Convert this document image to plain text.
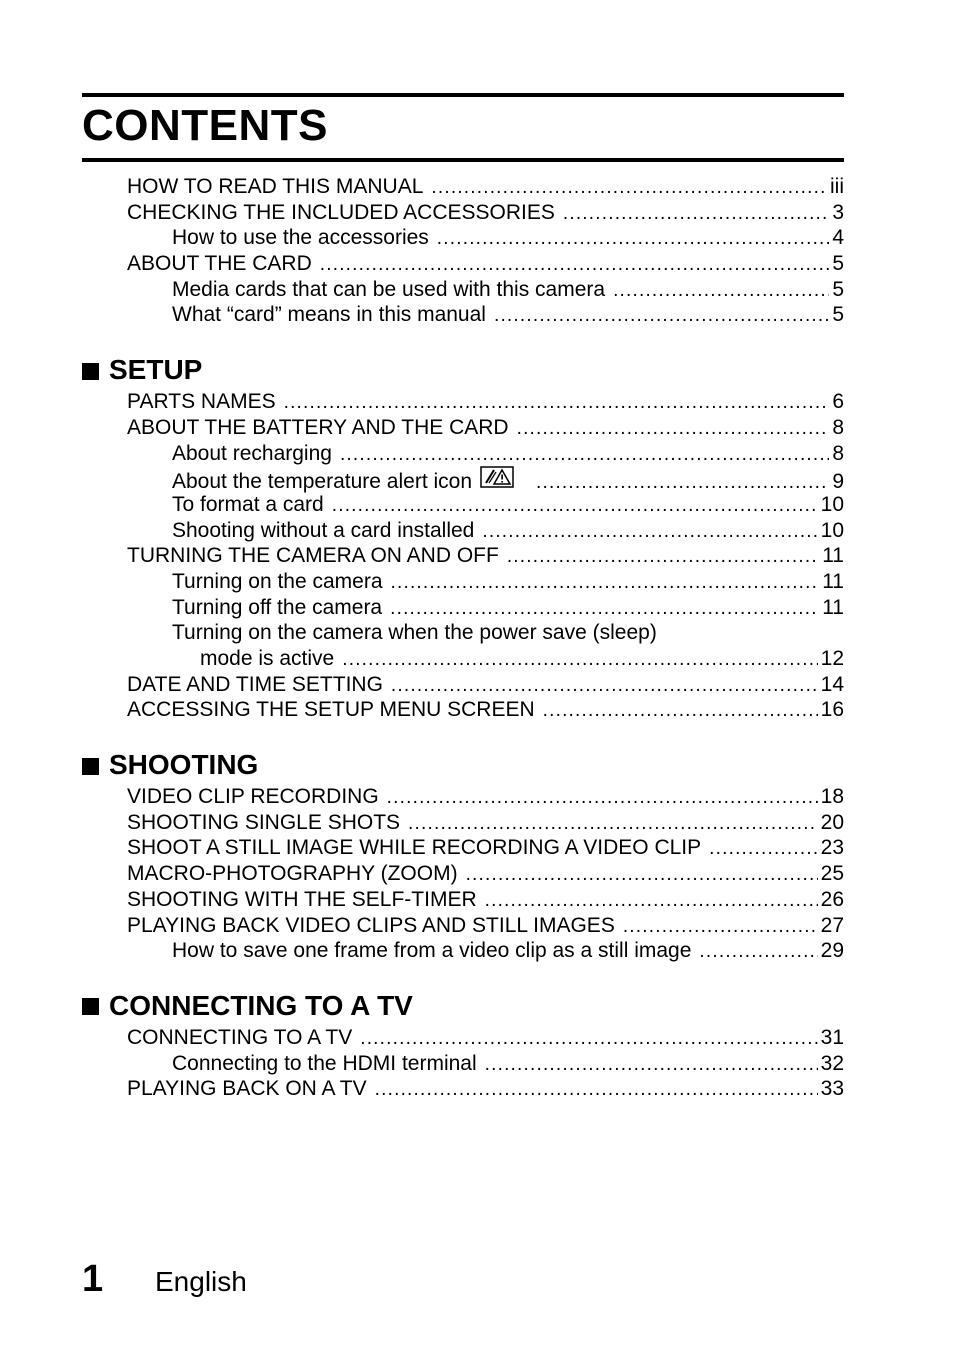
CONTENTS
HOW TO READ THIS MANUAL .....	iii
CHECKING THE INCLUDED ACCESSORIES .....	3
How to use the accessories .....	4
ABOUT THE CARD .....	5
Media cards that can be used with this camera .....	5
What “card” means in this manual .....	5
SETUP
PARTS NAMES .....	6
ABOUT THE BATTERY AND THE CARD .....	8
About recharging .....	8
About the temperature alert icon .....	9
To format a card .....	10
Shooting without a card installed .....	10
TURNING THE CAMERA ON AND OFF .....	11
Turning on the camera .....	11
Turning off the camera .....	11
Turning on the camera when the power save (sleep)
mode is active .....	12
DATE AND TIME SETTING .....	14
ACCESSING THE SETUP MENU SCREEN .....	16
SHOOTING
VIDEO CLIP RECORDING .....	18
SHOOTING SINGLE SHOTS .....	20
SHOOT A STILL IMAGE WHILE RECORDING A VIDEO CLIP .....	23
MACRO-PHOTOGRAPHY (ZOOM) .....	25
SHOOTING WITH THE SELF-TIMER .....	26
PLAYING BACK VIDEO CLIPS AND STILL IMAGES .....	27
How to save one frame from a video clip as a still image .....	29
CONNECTING TO A TV
CONNECTING TO A TV .....	31
Connecting to the HDMI terminal .....	32
PLAYING BACK ON A TV .....	33
1 English
